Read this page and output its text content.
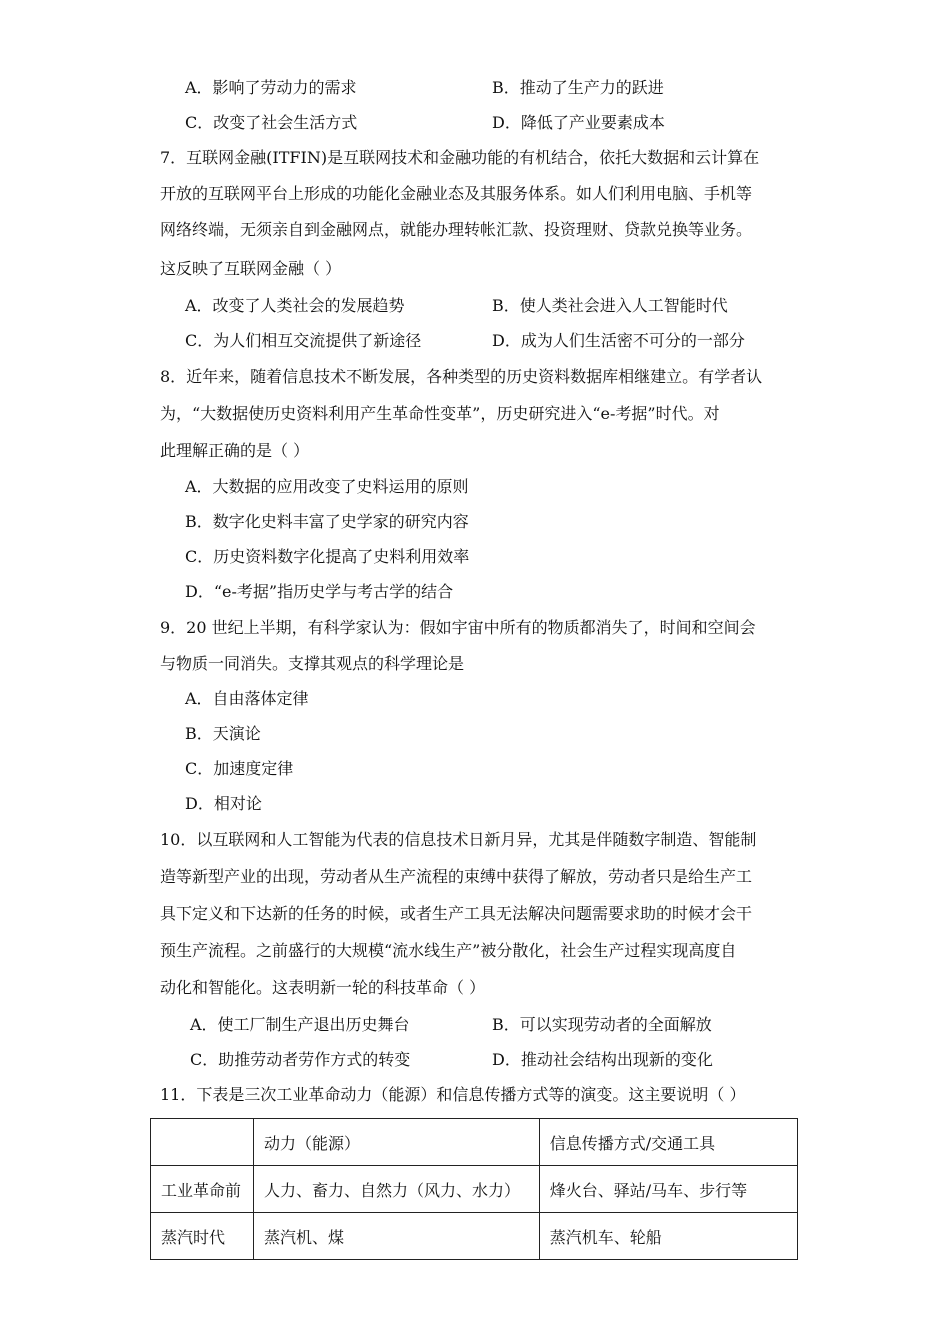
A．影响了劳动力的需求	B．推动了生产力的跃进
C．改变了社会生活方式	D．降低了产业要素成本
7．互联网金融(ITFIN)是互联网技术和金融功能的有机结合，依托大数据和云计算在
开放的互联网平台上形成的功能化金融业态及其服务体系。如人们利用电脑、手机等
网络终端，无须亲自到金融网点，就能办理转帐汇款、投资理财、贷款兑换等业务。
这反映了互联网金融（ ）
A．改变了人类社会的发展趋势	B．使人类社会进入人工智能时代
C．为人们相互交流提供了新途径	D．成为人们生活密不可分的一部分
8．近年来，随着信息技术不断发展，各种类型的历史资料数据库相继建立。有学者认
为，“大数据使历史资料利用产生革命性变革”，历史研究进入“e-考据”时代。对
此理解正确的是（ ）
A．大数据的应用改变了史料运用的原则
B．数字化史料丰富了史学家的研究内容
C．历史资料数字化提高了史料利用效率
D．“e-考据”指历史学与考古学的结合
9．20 世纪上半期，有科学家认为：假如宇宙中所有的物质都消失了，时间和空间会
与物质一同消失。支撑其观点的科学理论是
A．自由落体定律
B．天演论
C．加速度定律
D．相对论
10．以互联网和人工智能为代表的信息技术日新月异，尤其是伴随数字制造、智能制
造等新型产业的出现，劳动者从生产流程的束缚中获得了解放，劳动者只是给生产工
具下定义和下达新的任务的时候，或者生产工具无法解决问题需要求助的时候才会干
预生产流程。之前盛行的大规模“流水线生产”被分散化，社会生产过程实现高度自
动化和智能化。这表明新一轮的科技革命（ ）
A．使工厂制生产退出历史舞台	B．可以实现劳动者的全面解放
C．助推劳动者劳作方式的转变	D．推动社会结构出现新的变化
11．下表是三次工业革命动力（能源）和信息传播方式等的演变。这主要说明（ ）
	动力（能源）	信息传播方式/交通工具
工业革命前	人力、畜力、自然力（风力、水力）	烽火台、驿站/马车、步行等
蒸汽时代	蒸汽机、煤	蒸汽机车、轮船
